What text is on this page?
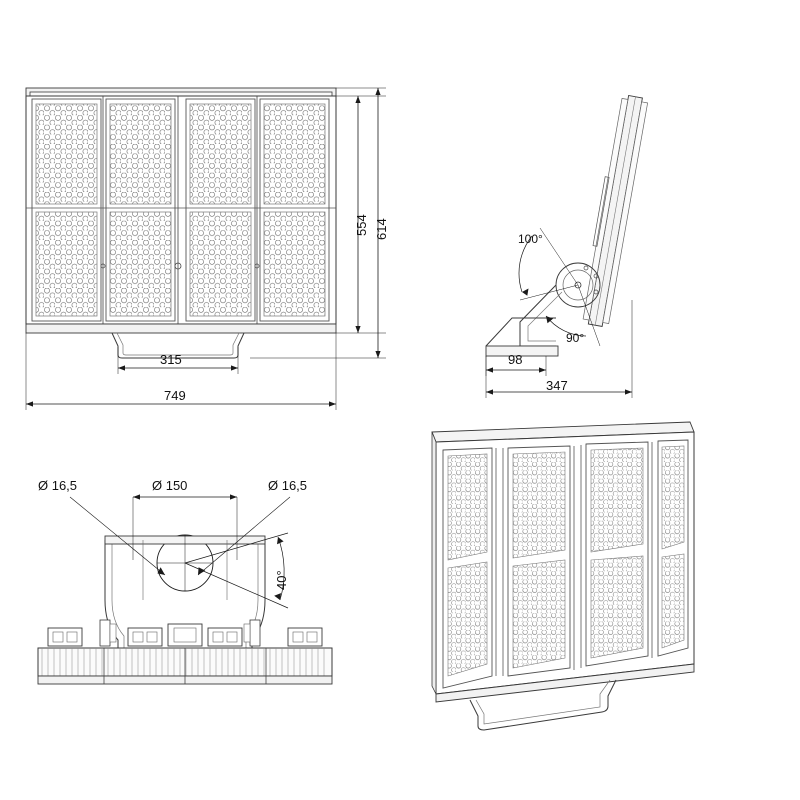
554 614
315
749
100°
90°
98
347
Ø 16,5	Ø 150	Ø 16,5
40°
